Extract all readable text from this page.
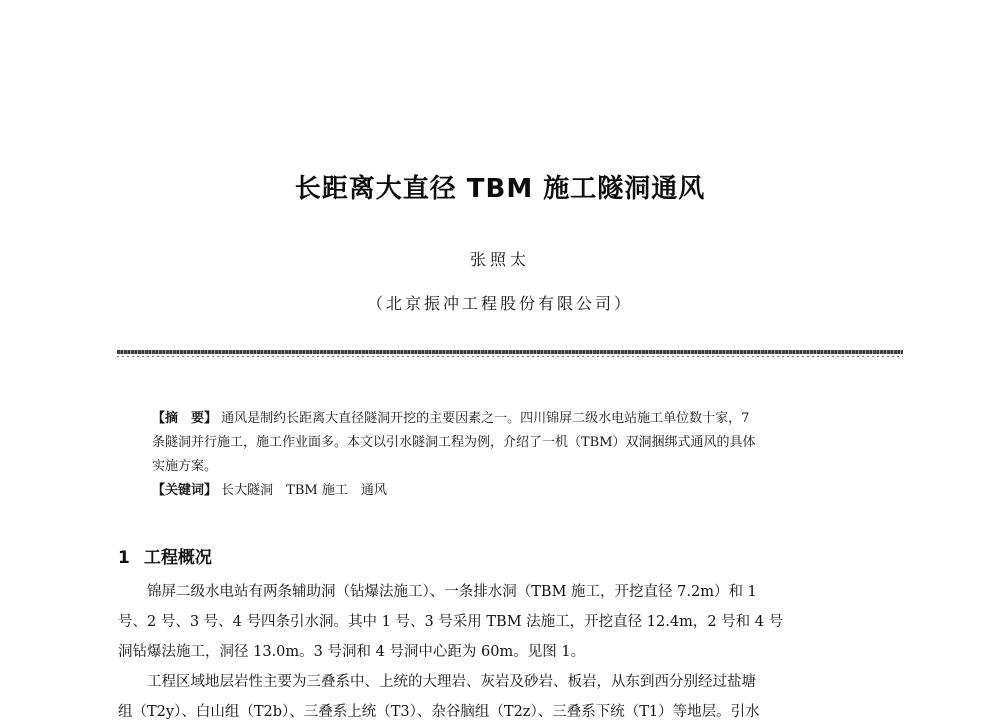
长距离大直径 TBM 施工隧洞通风
张照太
（北京振冲工程股份有限公司）
【摘　要】 通风是制约长距离大直径隧洞开挖的主要因素之一。四川锦屏二级水电站施工单位数十家，7
条隧洞并行施工，施工作业面多。本文以引水隧洞工程为例，介绍了一机（TBM）双洞捆绑式通风的具体
实施方案。
【关键词】 长大隧洞　TBM 施工　通风
1 工程概况
锦屏二级水电站有两条辅助洞（钻爆法施工）、一条排水洞（TBM 施工，开挖直径 7.2m）和 1
号、2 号、3 号、4 号四条引水洞。其中 1 号、3 号采用 TBM 法施工，开挖直径 12.4m，2 号和 4 号
洞钻爆法施工，洞径 13.0m。3 号洞和 4 号洞中心距为 60m。见图 1。
工程区域地层岩性主要为三叠系中、上统的大理岩、灰岩及砂岩、板岩，从东到西分别经过盐塘
组（T2y）、白山组（T2b）、三叠系上统（T3）、杂谷脑组（T2z）、三叠系下统（T1）等地层。引水
